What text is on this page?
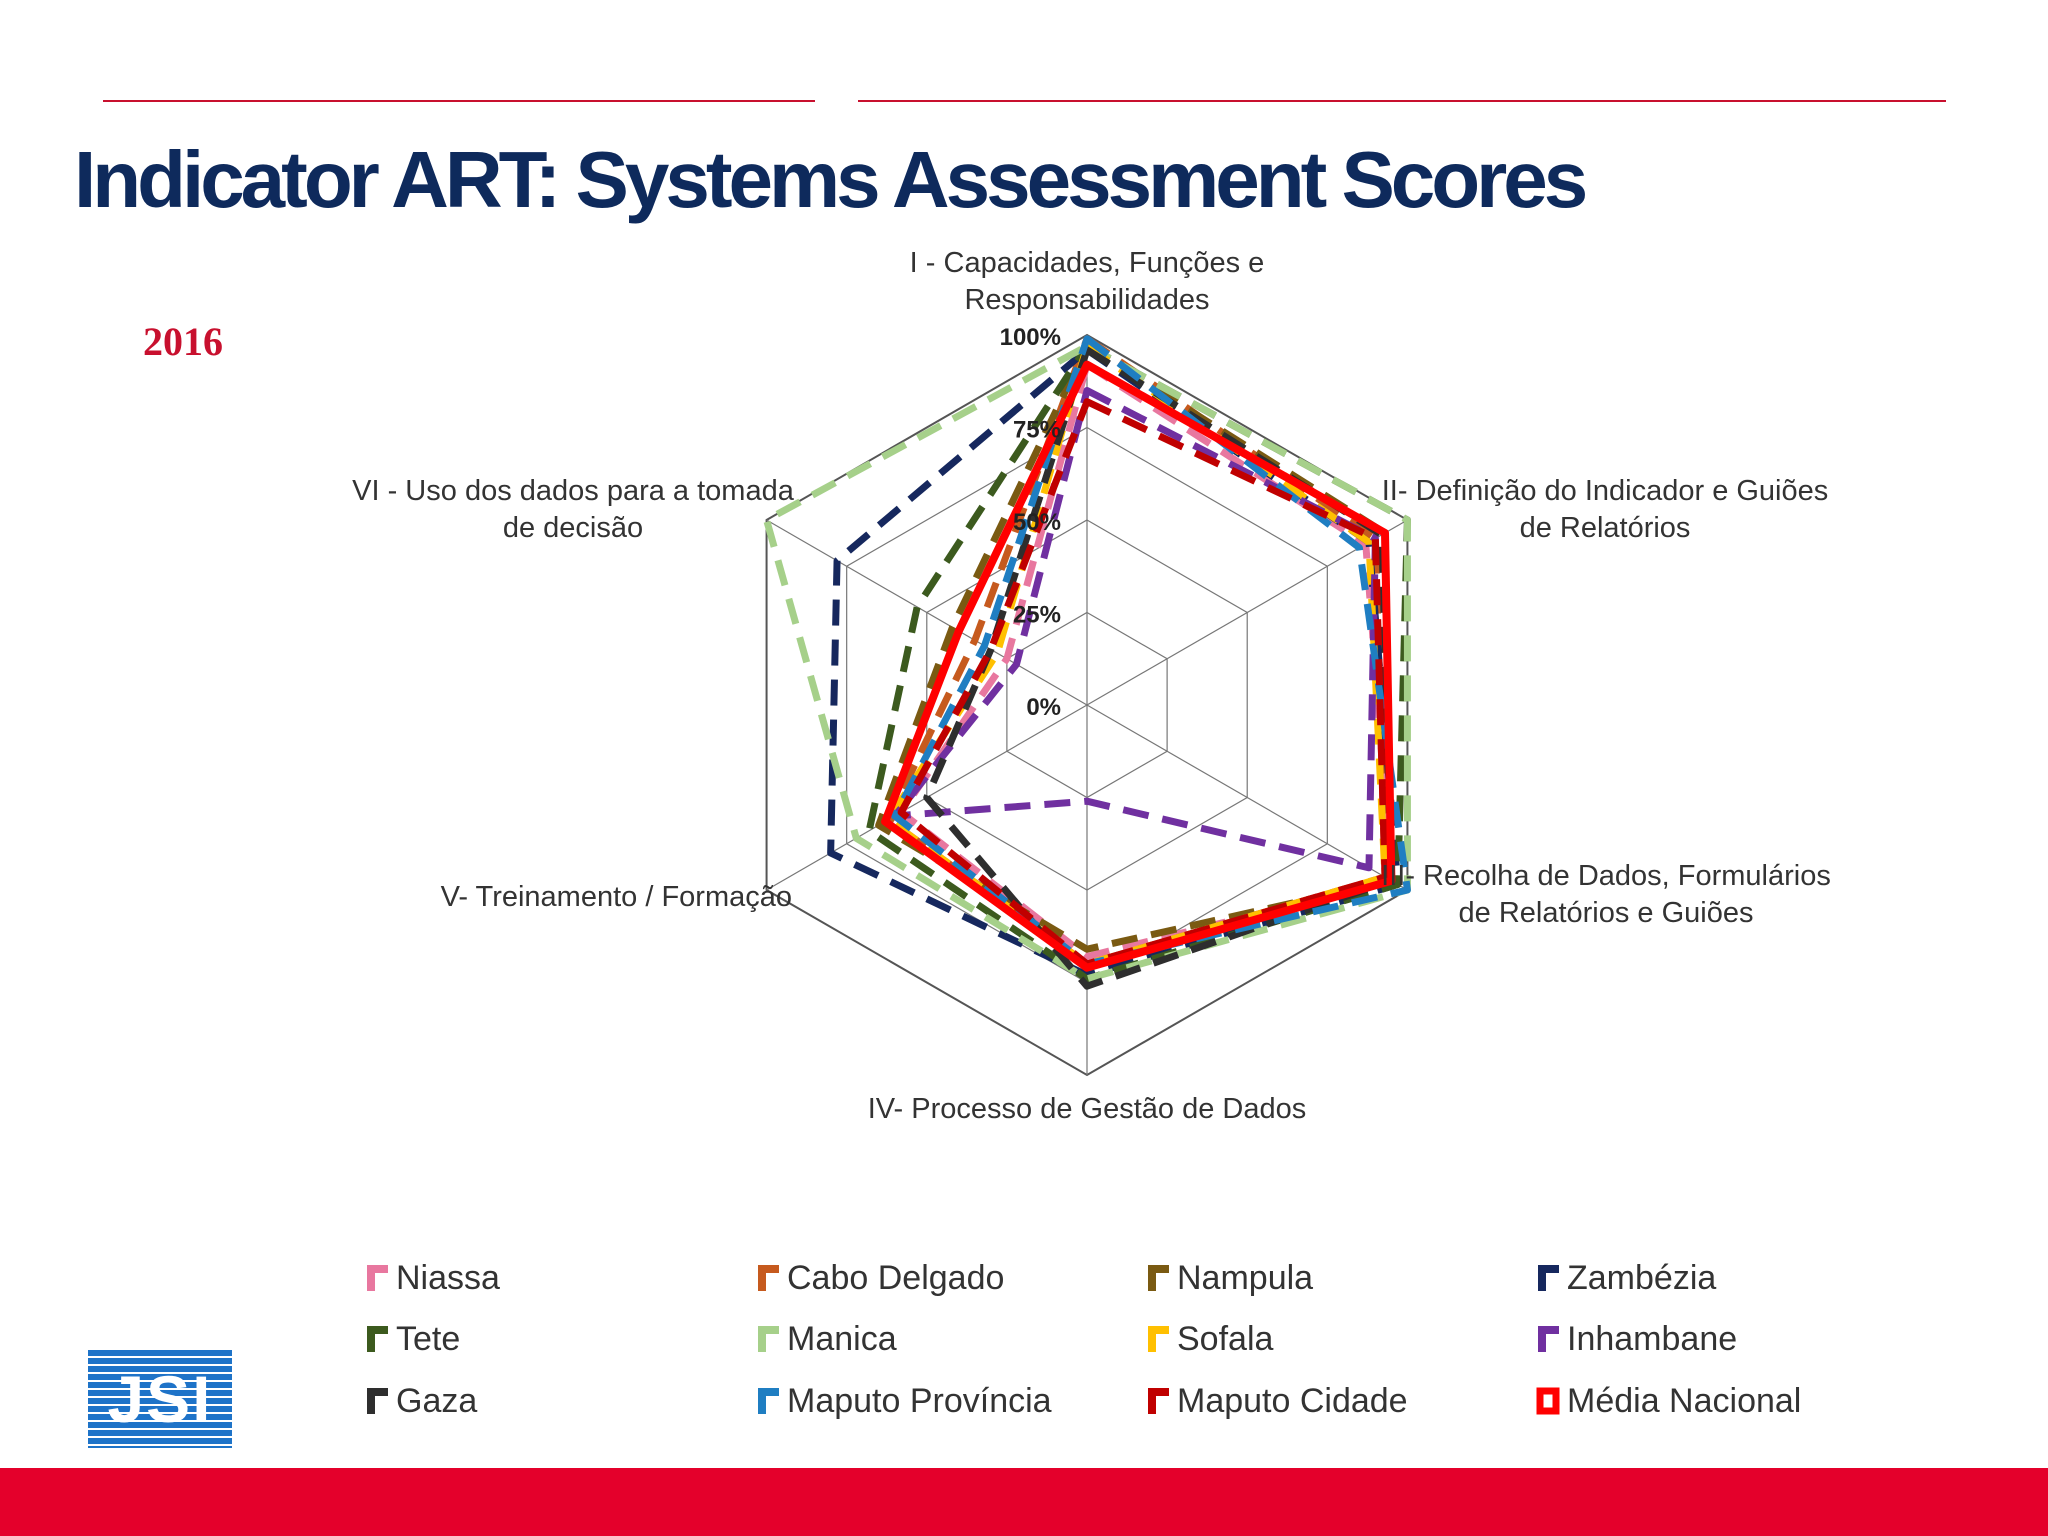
Indicator ART: Systems Assessment Scores
2016
0%
25%
50%
75%
100%
I - Capacidades, Funções e
Responsabilidades
II- Definição do Indicador e Guiões
de Relatórios
III- Recolha de Dados, Formulários
de Relatórios e Guiões
IV- Processo de Gestão de Dados
V- Treinamento / Formação
VI - Uso dos dados para a tomada
de decisão
Niassa	Cabo Delgado	Nampula	Zambézia
Tete	Manica	Sofala	Inhambane
Gaza	Maputo Província	Maputo Cidade	Média Nacional
JSI
